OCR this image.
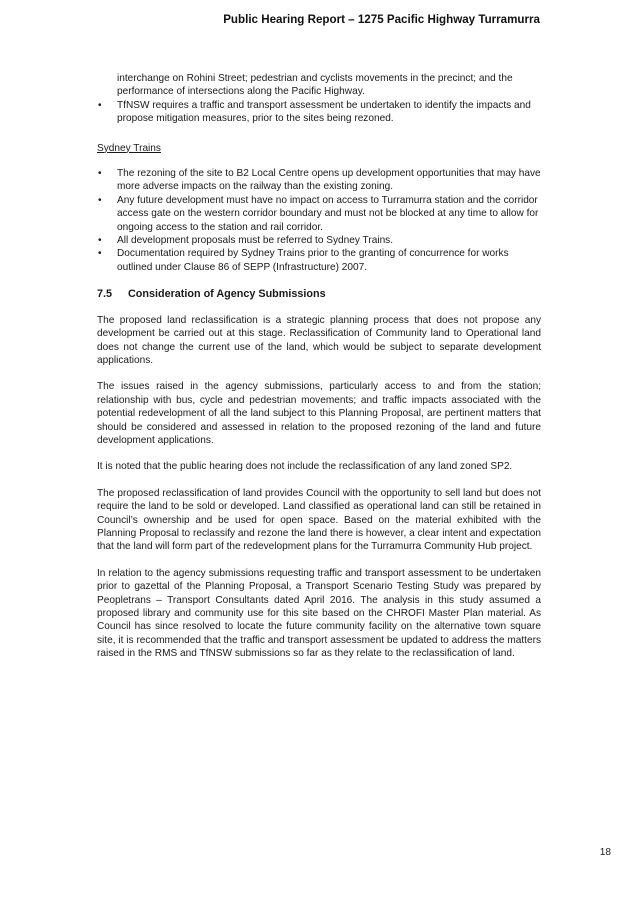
Public Hearing Report – 1275 Pacific Highway Turramurra
interchange on Rohini Street; pedestrian and cyclists movements in the precinct; and the performance of intersections along the Pacific Highway.
• TfNSW requires a traffic and transport assessment be undertaken to identify the impacts and propose mitigation measures, prior to the sites being rezoned.
Sydney Trains
• The rezoning of the site to B2 Local Centre opens up development opportunities that may have more adverse impacts on the railway than the existing zoning.
• Any future development must have no impact on access to Turramurra station and the corridor access gate on the western corridor boundary and must not be blocked at any time to allow for ongoing access to the station and rail corridor.
• All development proposals must be referred to Sydney Trains.
• Documentation required by Sydney Trains prior to the granting of concurrence for works outlined under Clause 86 of SEPP (Infrastructure) 2007.
7.5 Consideration of Agency Submissions

The proposed land reclassification is a strategic planning process that does not propose any development be carried out at this stage. Reclassification of Community land to Operational land does not change the current use of the land, which would be subject to separate development applications.

The issues raised in the agency submissions, particularly access to and from the station; relationship with bus, cycle and pedestrian movements; and traffic impacts associated with the potential redevelopment of all the land subject to this Planning Proposal, are pertinent matters that should be considered and assessed in relation to the proposed rezoning of the land and future development applications.

It is noted that the public hearing does not include the reclassification of any land zoned SP2.

The proposed reclassification of land provides Council with the opportunity to sell land but does not require the land to be sold or developed. Land classified as operational land can still be retained in Council’s ownership and be used for open space. Based on the material exhibited with the Planning Proposal to reclassify and rezone the land there is however, a clear intent and expectation that the land will form part of the redevelopment plans for the Turramurra Community Hub project.

In relation to the agency submissions requesting traffic and transport assessment to be undertaken prior to gazettal of the Planning Proposal, a Transport Scenario Testing Study was prepared by Peopletrans – Transport Consultants dated April 2016. The analysis in this study assumed a proposed library and community use for this site based on the CHROFI Master Plan material. As Council has since resolved to locate the future community facility on the alternative town square site, it is recommended that the traffic and transport assessment be updated to address the matters raised in the RMS and TfNSW submissions so far as they relate to the reclassification of land.

18
